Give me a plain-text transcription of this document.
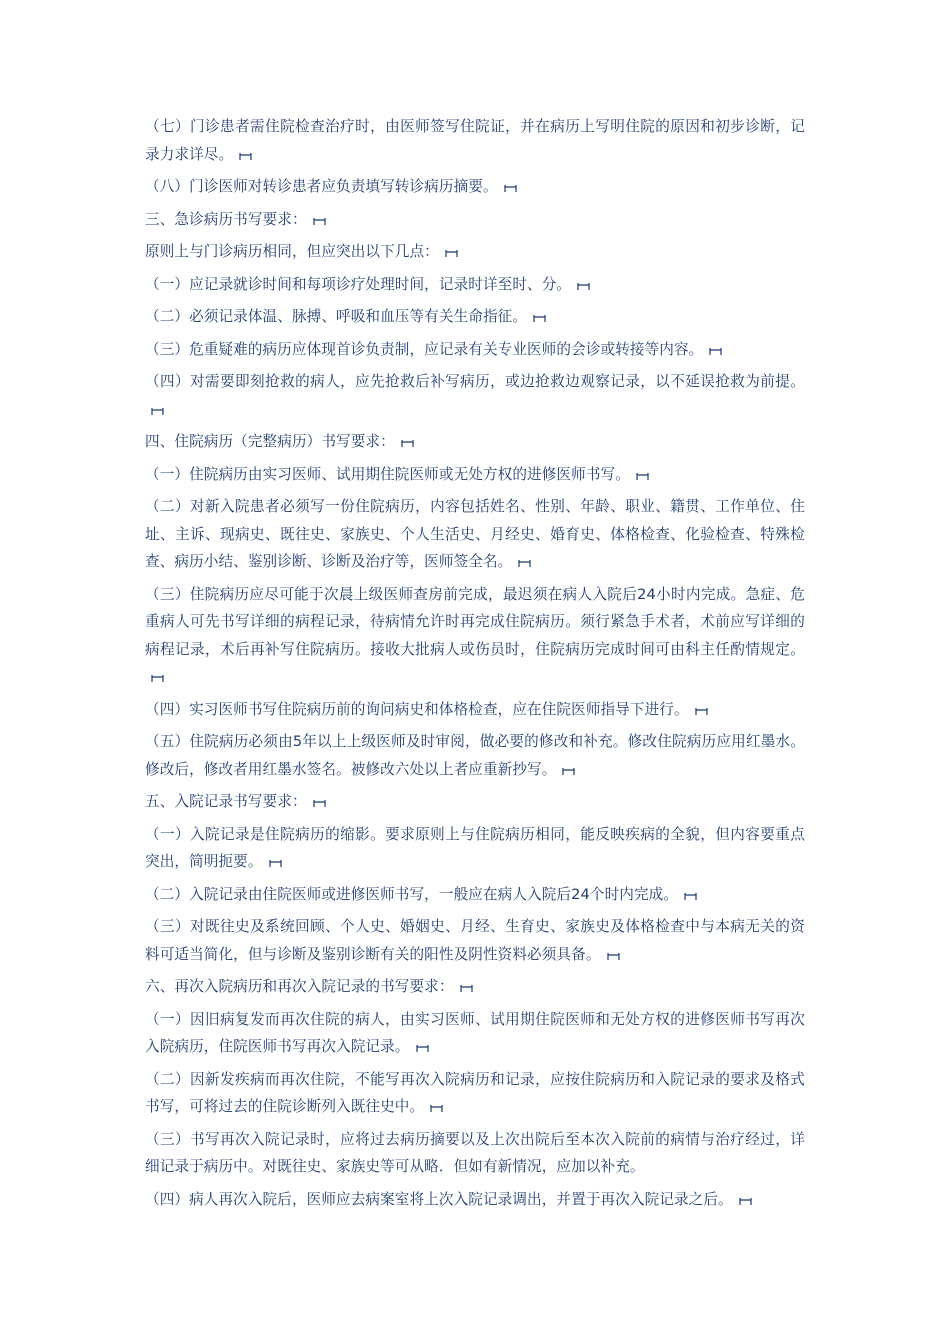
（七）门诊患者需住院检查治疗时，由医师签写住院证，并在病历上写明住院的原因和初步诊断，记录力求详尽。

（八）门诊医师对转诊患者应负责填写转诊病历摘要。

三、急诊病历书写要求：

原则上与门诊病历相同，但应突出以下几点：

（一）应记录就诊时间和每项诊疗处理时间，记录时详至时、分。

（二）必须记录体温、脉搏、呼吸和血压等有关生命指征。

（三）危重疑难的病历应体现首诊负责制，应记录有关专业医师的会诊或转接等内容。

（四）对需要即刻抢救的病人，应先抢救后补写病历，或边抢救边观察记录，以不延误抢救为前提。

四、住院病历（完整病历）书写要求：

（一）住院病历由实习医师、试用期住院医师或无处方权的进修医师书写。

（二）对新入院患者必须写一份住院病历，内容包括姓名、性别、年龄、职业、籍贯、工作单位、住址、主诉、现病史、既往史、家族史、个人生活史、月经史、婚育史、体格检查、化验检查、特殊检查、病历小结、鉴别诊断、诊断及治疗等，医师签全名。

（三）住院病历应尽可能于次晨上级医师查房前完成，最迟须在病人入院后24小时内完成。急症、危重病人可先书写详细的病程记录，待病情允许时再完成住院病历。须行紧急手术者，术前应写详细的病程记录，术后再补写住院病历。接收大批病人或伤员时，住院病历完成时间可由科主任酌情规定。

（四）实习医师书写住院病历前的询问病史和体格检查，应在住院医师指导下进行。

（五）住院病历必须由5年以上上级医师及时审阅，做必要的修改和补充。修改住院病历应用红墨水。修改后，修改者用红墨水签名。被修改六处以上者应重新抄写。

五、入院记录书写要求：

（一）入院记录是住院病历的缩影。要求原则上与住院病历相同，能反映疾病的全貌，但内容要重点突出，简明扼要。

（二）入院记录由住院医师或进修医师书写，一般应在病人入院后24个时内完成。

（三）对既往史及系统回顾、个人史、婚姻史、月经、生育史、家族史及体格检查中与本病无关的资料可适当简化，但与诊断及鉴别诊断有关的阳性及阴性资料必须具备。

六、再次入院病历和再次入院记录的书写要求：

（一）因旧病复发而再次住院的病人，由实习医师、试用期住院医师和无处方权的进修医师书写再次入院病历，住院医师书写再次入院记录。

（二）因新发疾病而再次住院，不能写再次入院病历和记录，应按住院病历和入院记录的要求及格式书写，可将过去的住院诊断列入既往史中。

（三）书写再次入院记录时，应将过去病历摘要以及上次出院后至本次入院前的病情与治疗经过，详细记录于病历中。对既往史、家族史等可从略．但如有新情况，应加以补充。

（四）病人再次入院后，医师应去病案室将上次入院记录调出，并置于再次入院记录之后。
